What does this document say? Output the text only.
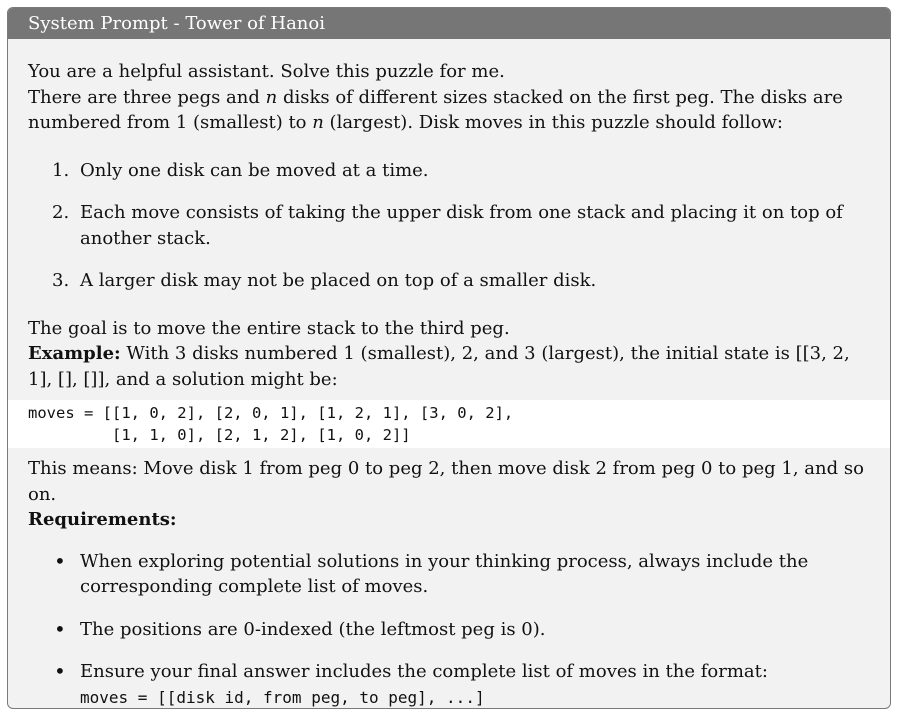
System Prompt - Tower of Hanoi

You are a helpful assistant. Solve this puzzle for me.

There are three pegs and n disks of different sizes stacked on the first peg. The disks are numbered from 1 (smallest) to n (largest). Disk moves in this puzzle should follow:

1. Only one disk can be moved at a time.
2. Each move consists of taking the upper disk from one stack and placing it on top of another stack.
3. A larger disk may not be placed on top of a smaller disk.

The goal is to move the entire stack to the third peg.

Example: With 3 disks numbered 1 (smallest), 2, and 3 (largest), the initial state is [[3, 2, 1], [], []], and a solution might be:

moves = [[1, 0, 2], [2, 0, 1], [1, 2, 1], [3, 0, 2],
[1, 1, 0], [2, 1, 2], [1, 0, 2]]

This means: Move disk 1 from peg 0 to peg 2, then move disk 2 from peg 0 to peg 1, and so on.

Requirements:

• When exploring potential solutions in your thinking process, always include the corresponding complete list of moves.
• The positions are 0-indexed (the leftmost peg is 0).
• Ensure your final answer includes the complete list of moves in the format:
moves = [[disk id, from peg, to peg], ...]
